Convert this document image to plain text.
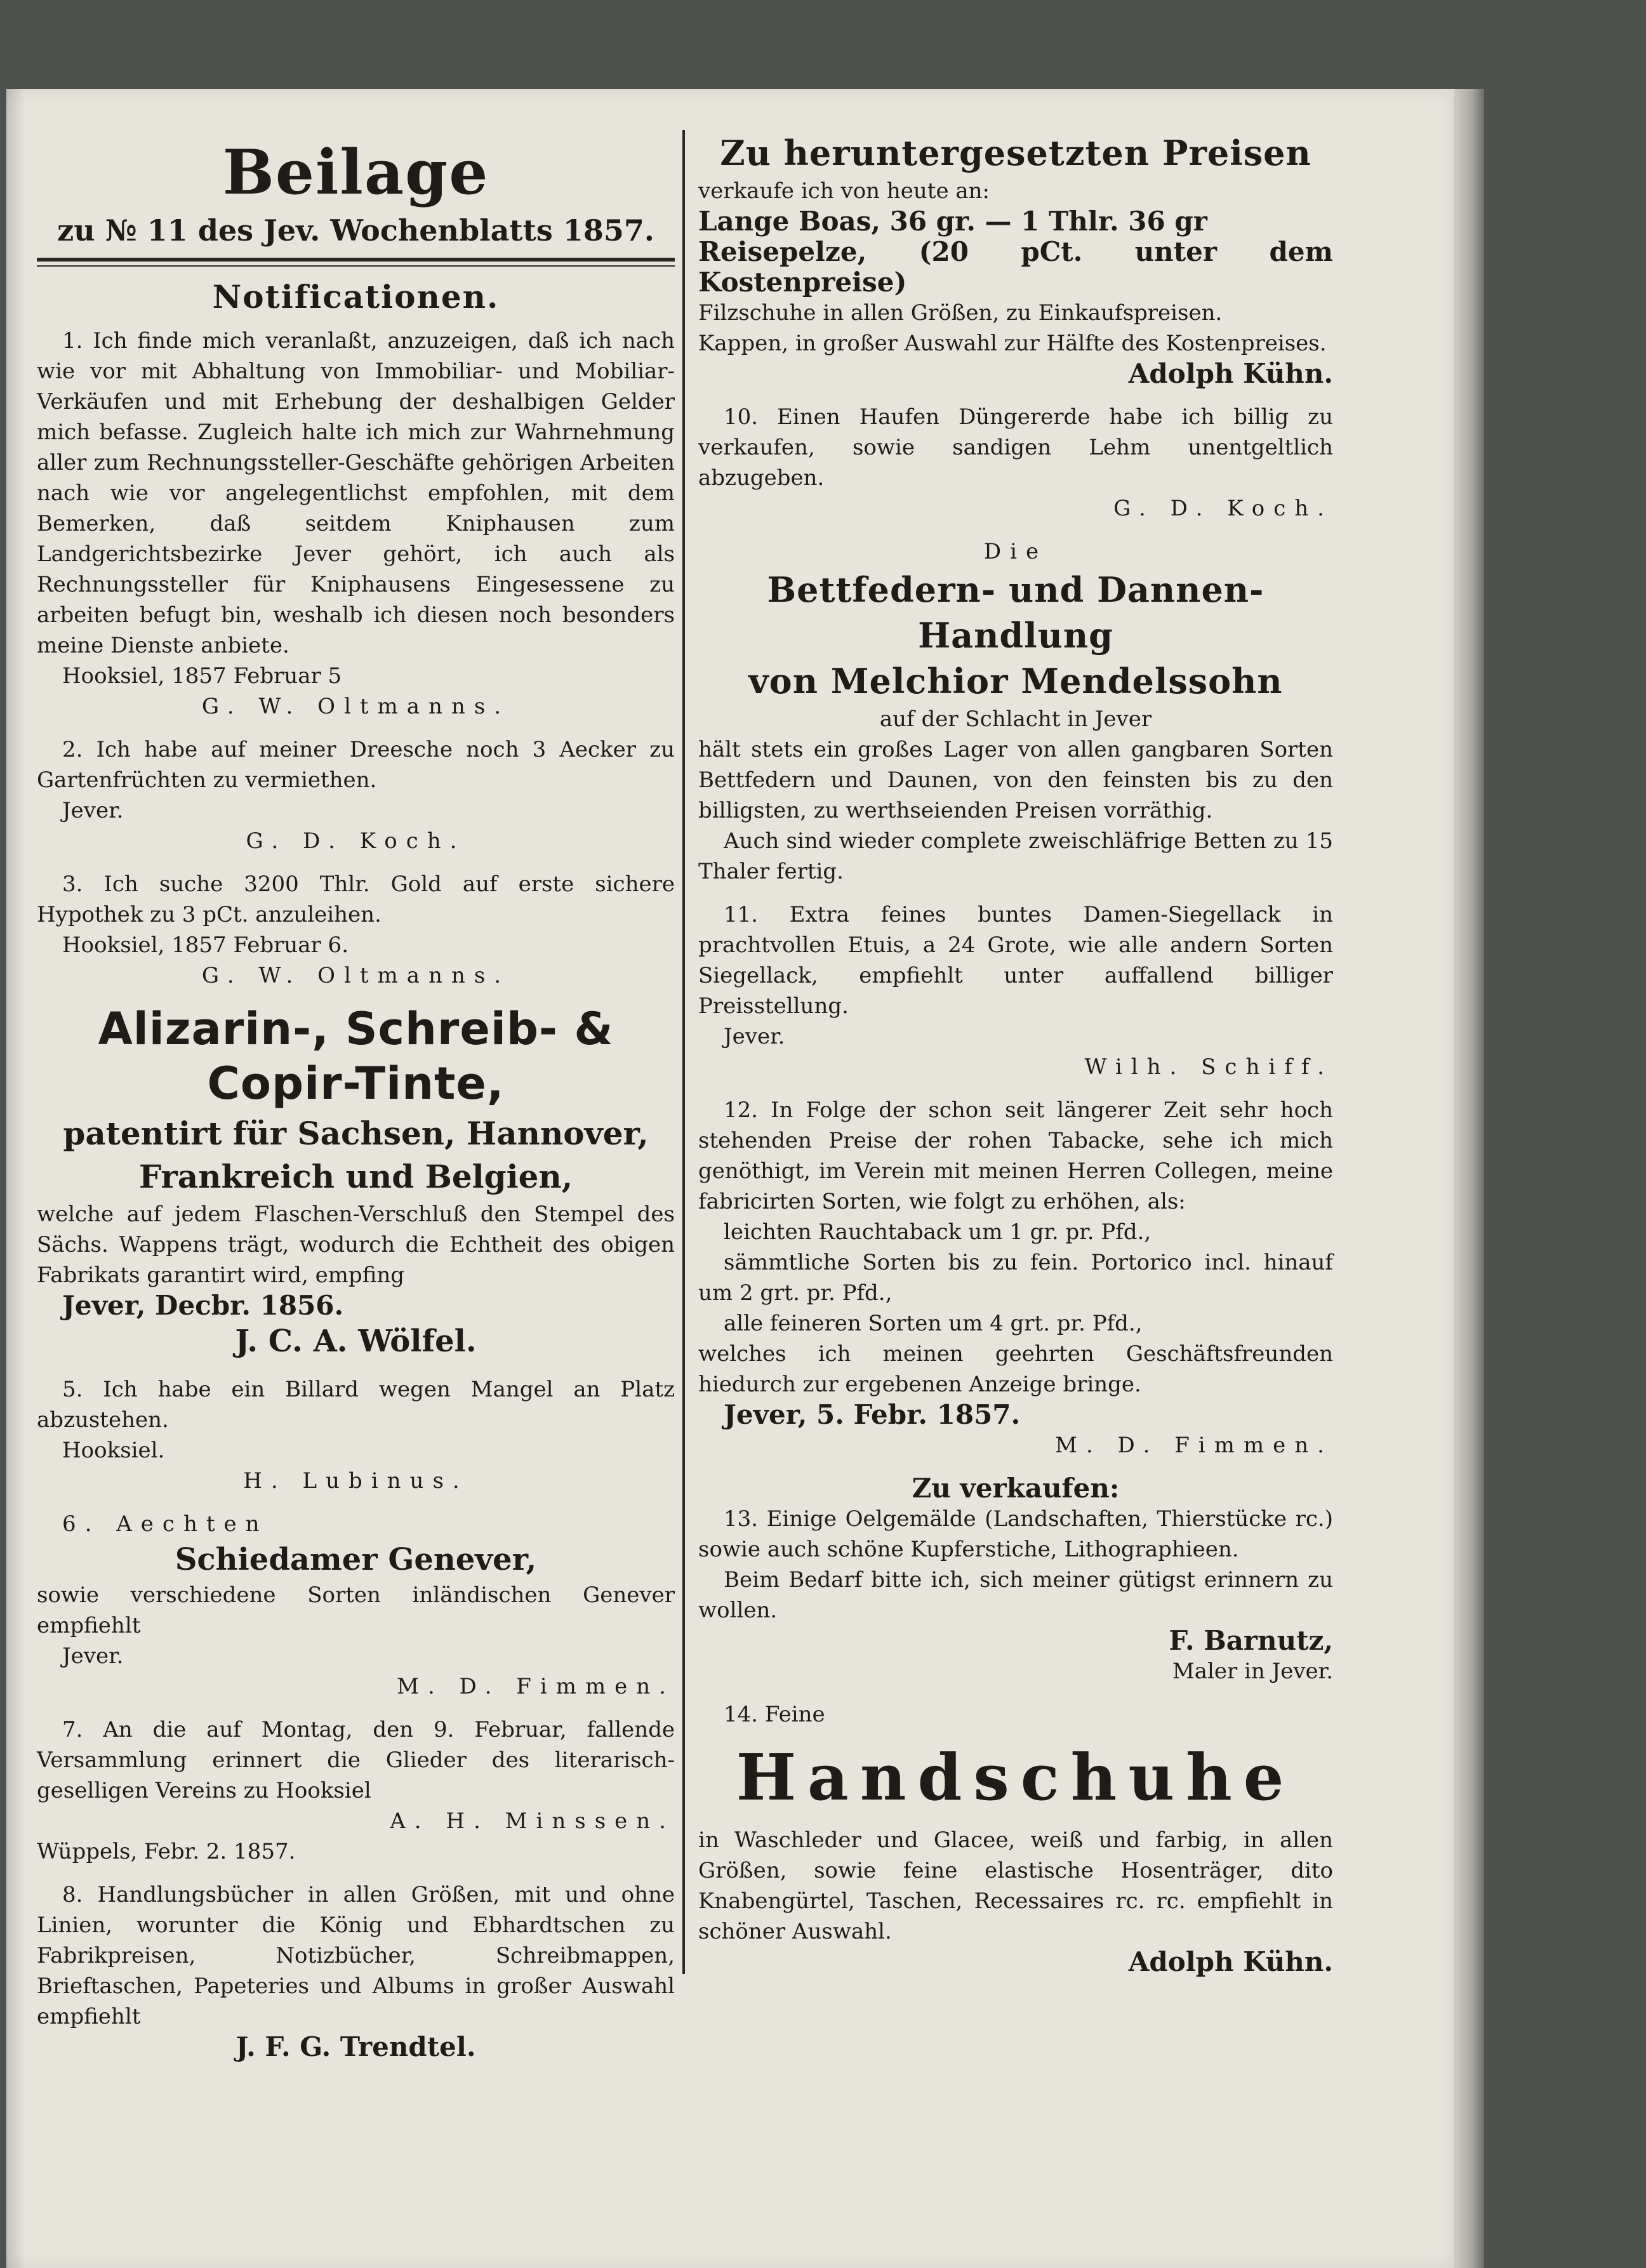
Beilage
zu № 11 des Jev. Wochenblatts 1857.
Notificationen.

1. Ich finde mich veranlaßt, anzuzeigen, daß ich nach wie vor mit Abhaltung von Immobiliar- und Mobiliar-Verkäufen und mit Erhebung der deshalbigen Gelder mich befasse. Zugleich halte ich mich zur Wahrnehmung aller zum Rechnungssteller-Geschäfte gehörigen Arbeiten nach wie vor angelegentlichst empfohlen, mit dem Bemerken, daß seitdem Kniphausen zum Landgerichtsbezirke Jever gehört, ich auch als Rechnungssteller für Kniphausens Eingesessene zu arbeiten befugt bin, weshalb ich diesen noch besonders meine Dienste anbiete.

Hooksiel, 1857 Februar 5

G. W. Oltmanns.

2. Ich habe auf meiner Dreesche noch 3 Aecker zu Gartenfrüchten zu vermiethen.

Jever.

G. D. Koch.

3. Ich suche 3200 Thlr. Gold auf erste sichere Hypothek zu 3 pCt. anzuleihen.

Hooksiel, 1857 Februar 6.

G. W. Oltmanns.

Alizarin-, Schreib- &
Copir-Tinte,
patentirt für Sachsen, Hannover,
Frankreich und Belgien,

welche auf jedem Flaschen-Verschluß den Stempel des Sächs. Wappens trägt, wodurch die Echtheit des obigen Fabrikats garantirt wird, empfing

Jever, Decbr. 1856.

J. C. A. Wölfel.

5. Ich habe ein Billard wegen Mangel an Platz abzustehen.

Hooksiel.

H. Lubinus.

6. Aechten

Schiedamer Genever,

sowie verschiedene Sorten inländischen Genever empfiehlt

Jever.

M. D. Fimmen.

7. An die auf Montag, den 9. Februar, fallende Versammlung erinnert die Glieder des literarisch-geselligen Vereins zu Hooksiel

A. H. Minssen.

Wüppels, Febr. 2. 1857.

8. Handlungsbücher in allen Größen, mit und ohne Linien, worunter die König und Ebhardtschen zu Fabrikpreisen, Notizbücher, Schreibmappen, Brieftaschen, Papeteries und Albums in großer Auswahl empfiehlt

J. F. G. Trendtel.

Zu heruntergesetzten Preisen

verkaufe ich von heute an:

Lange Boas, 36 gr. — 1 Thlr. 36 gr

Reisepelze, (20 pCt. unter dem Kostenpreise)

Filzschuhe in allen Größen, zu Einkaufspreisen.

Kappen, in großer Auswahl zur Hälfte des Kostenpreises.

Adolph Kühn.

10. Einen Haufen Düngererde habe ich billig zu verkaufen, sowie sandigen Lehm unentgeltlich abzugeben.

G. D. Koch.

Die

Bettfedern- und Dannen-Handlung
von Melchior Mendelssohn

auf der Schlacht in Jever

hält stets ein großes Lager von allen gangbaren Sorten Bettfedern und Daunen, von den feinsten bis zu den billigsten, zu werthseienden Preisen vorräthig.

Auch sind wieder complete zweischläfrige Betten zu 15 Thaler fertig.

11. Extra feines buntes Damen-Siegellack in prachtvollen Etuis, a 24 Grote, wie alle andern Sorten Siegellack, empfiehlt unter auffallend billiger Preisstellung.

Jever.

Wilh. Schiff.

12. In Folge der schon seit längerer Zeit sehr hoch stehenden Preise der rohen Tabacke, sehe ich mich genöthigt, im Verein mit meinen Herren Collegen, meine fabricirten Sorten, wie folgt zu erhöhen, als:

leichten Rauchtaback um 1 gr. pr. Pfd.,

sämmtliche Sorten bis zu fein. Portorico incl. hinauf um 2 grt. pr. Pfd.,

alle feineren Sorten um 4 grt. pr. Pfd.,

welches ich meinen geehrten Geschäftsfreunden hiedurch zur ergebenen Anzeige bringe.

Jever, 5. Febr. 1857.

M. D. Fimmen.

Zu verkaufen:

13. Einige Oelgemälde (Landschaften, Thierstücke rc.) sowie auch schöne Kupferstiche, Lithographieen.

Beim Bedarf bitte ich, sich meiner gütigst erinnern zu wollen.

F. Barnutz,

Maler in Jever.

14. Feine

Handschuhe

in Waschleder und Glacee, weiß und farbig, in allen Größen, sowie feine elastische Hosenträger, dito Knabengürtel, Taschen, Recessaires rc. rc. empfiehlt in schöner Auswahl.

Adolph Kühn.
